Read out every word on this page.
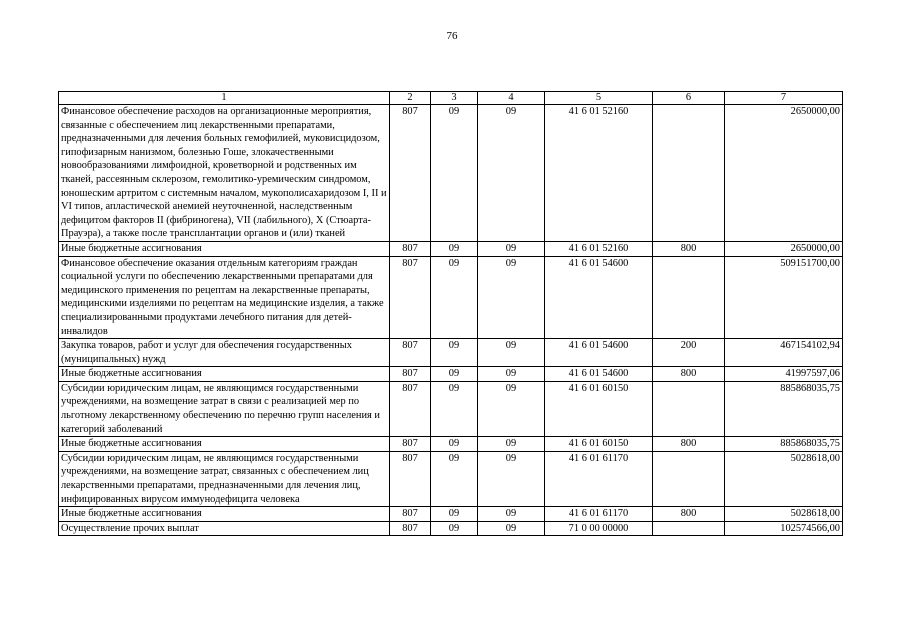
76
1	2	3	4	5	6	7
Финансовое обеспечение расходов на организационные мероприятия, связанные с обеспечением лиц лекарственными препаратами, предназначенными для лечения больных гемофилией, муковисцидозом, гипофизарным нанизмом, болезнью Гоше, злокачественными новообразованиями лимфоидной, кроветворной и родственных им тканей, рассеянным склерозом, гемолитико-уремическим синдромом, юношеским артритом с системным началом, мукополисахаридозом I, II и VI типов, апластической анемией неуточненной, наследственным дефицитом факторов II (фибриногена), VII (лабильного), X (Стюарта-Прауэра), а также после трансплантации органов и (или) тканей	807	09	09	41 6 01 52160		2650000,00
Иные бюджетные ассигнования	807	09	09	41 6 01 52160	800	2650000,00
Финансовое обеспечение оказания отдельным категориям граждан социальной услуги по обеспечению лекарственными препаратами для медицинского применения по рецептам на лекарственные препараты, медицинскими изделиями по рецептам на медицинские изделия, а также специализированными продуктами лечебного питания для детей-инвалидов	807	09	09	41 6 01 54600		509151700,00
Закупка товаров, работ и услуг для обеспечения государственных (муниципальных) нужд	807	09	09	41 6 01 54600	200	467154102,94
Иные бюджетные ассигнования	807	09	09	41 6 01 54600	800	41997597,06
Субсидии юридическим лицам, не являющимся государственными учреждениями, на возмещение затрат в связи с реализацией мер по льготному лекарственному обеспечению по перечню групп населения и категорий заболеваний	807	09	09	41 6 01 60150		885868035,75
Иные бюджетные ассигнования	807	09	09	41 6 01 60150	800	885868035,75
Субсидии юридическим лицам, не являющимся государственными учреждениями, на возмещение затрат, связанных с обеспечением лиц лекарственными препаратами, предназначенными для лечения лиц, инфицированных вирусом иммунодефицита человека	807	09	09	41 6 01 61170		5028618,00
Иные бюджетные ассигнования	807	09	09	41 6 01 61170	800	5028618,00
Осуществление прочих выплат	807	09	09	71 0 00 00000		102574566,00
